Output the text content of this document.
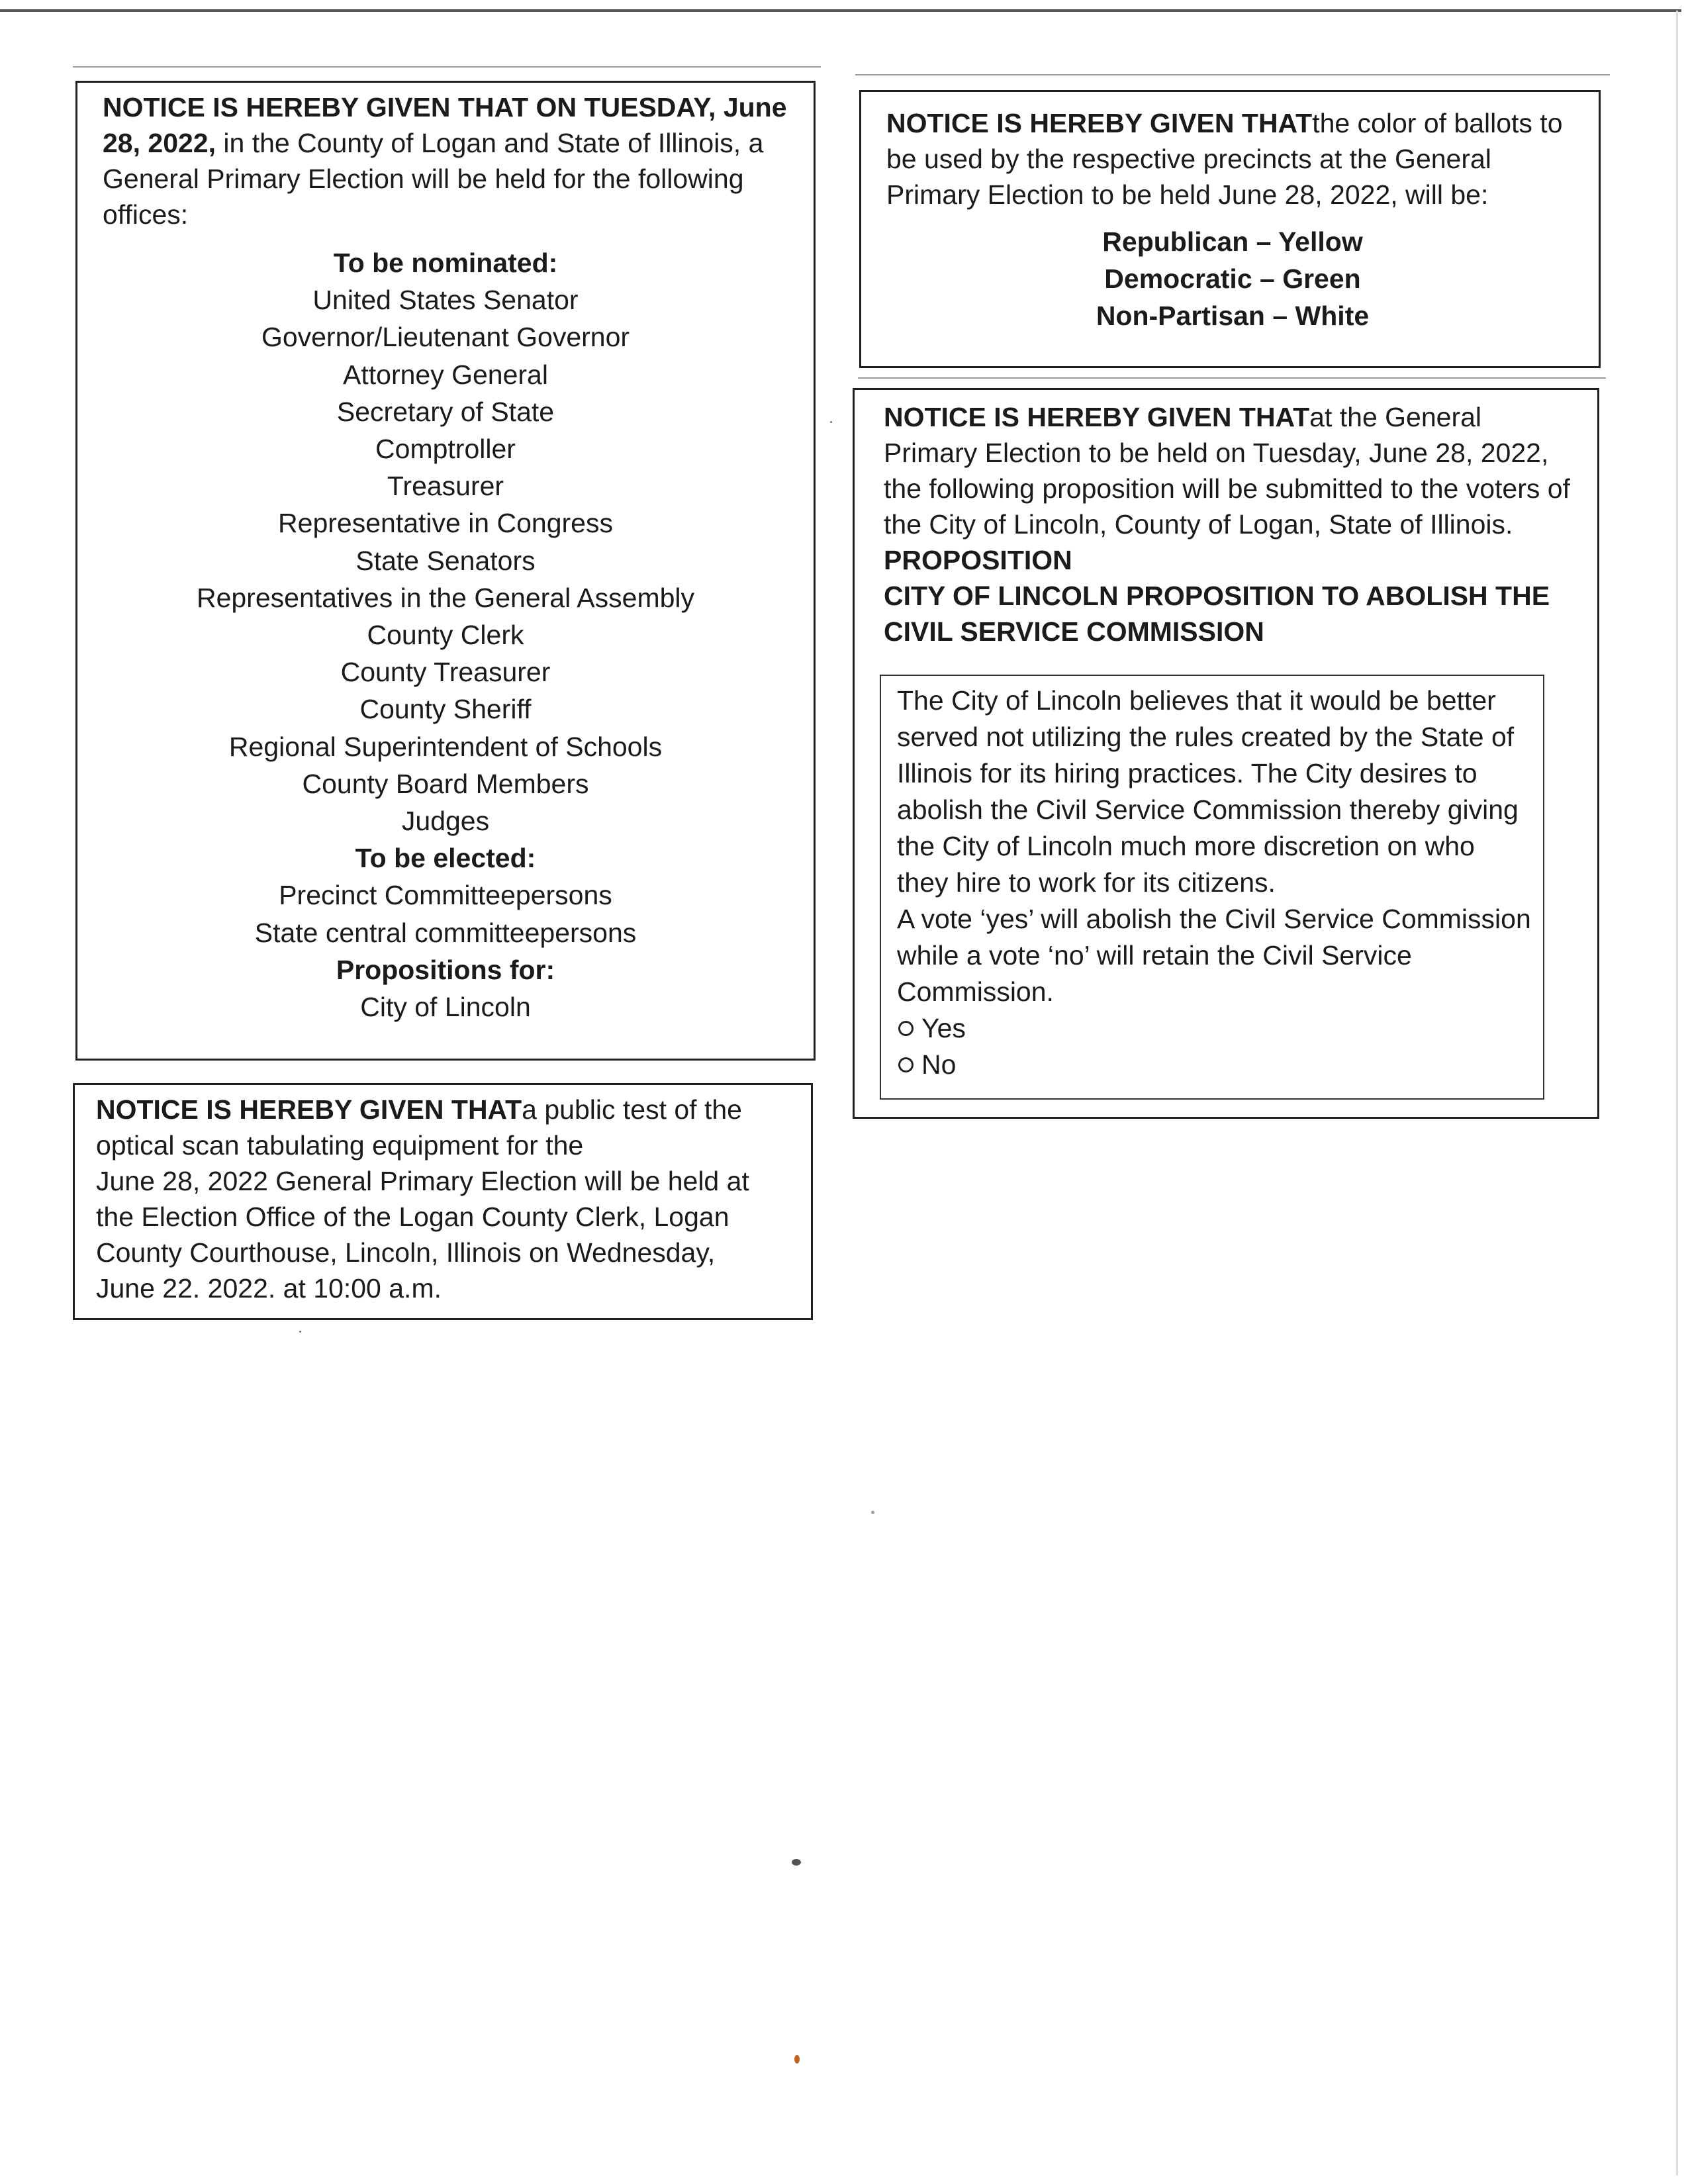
NOTICE IS HEREBY GIVEN THAT ON TUESDAY, June 28, 2022, in the County of Logan and State of Illinois, a General Primary Election will be held for the following offices:

To be nominated:
United States Senator
Governor/Lieutenant Governor
Attorney General
Secretary of State
Comptroller
Treasurer
Representative in Congress
State Senators
Representatives in the General Assembly
County Clerk
County Treasurer
County Sheriff
Regional Superintendent of Schools
County Board Members
Judges
To be elected:
Precinct Committeepersons
State central committeepersons
Propositions for:
City of Lincoln
NOTICE IS HEREBY GIVEN THATa public test of the
optical scan tabulating equipment for the
June 28, 2022 General Primary Election will be held at
the Election Office of the Logan County Clerk, Logan
County Courthouse, Lincoln, Illinois on Wednesday,
June 22. 2022. at 10:00 a.m.

NOTICE IS HEREBY GIVEN THATthe color of ballots to be used by the respective precincts at the General Primary Election to be held June 28, 2022, will be:

Republican – Yellow
Democratic – Green
Non-Partisan – White

NOTICE IS HEREBY GIVEN THATat the General Primary Election to be held on Tuesday, June 28, 2022, the following proposition will be submitted to the voters of the City of Lincoln, County of Logan, State of Illinois.

PROPOSITION

CITY OF LINCOLN PROPOSITION TO ABOLISH THE CIVIL SERVICE COMMISSION

The City of Lincoln believes that it would be better served not utilizing the rules created by the State of Illinois for its hiring practices. The City desires to abolish the Civil Service Commission thereby giving the City of Lincoln much more discretion on who they hire to work for its citizens.

A vote ‘yes’ will abolish the Civil Service Commission while a vote ‘no’ will retain the Civil Service Commission.

Yes
No
